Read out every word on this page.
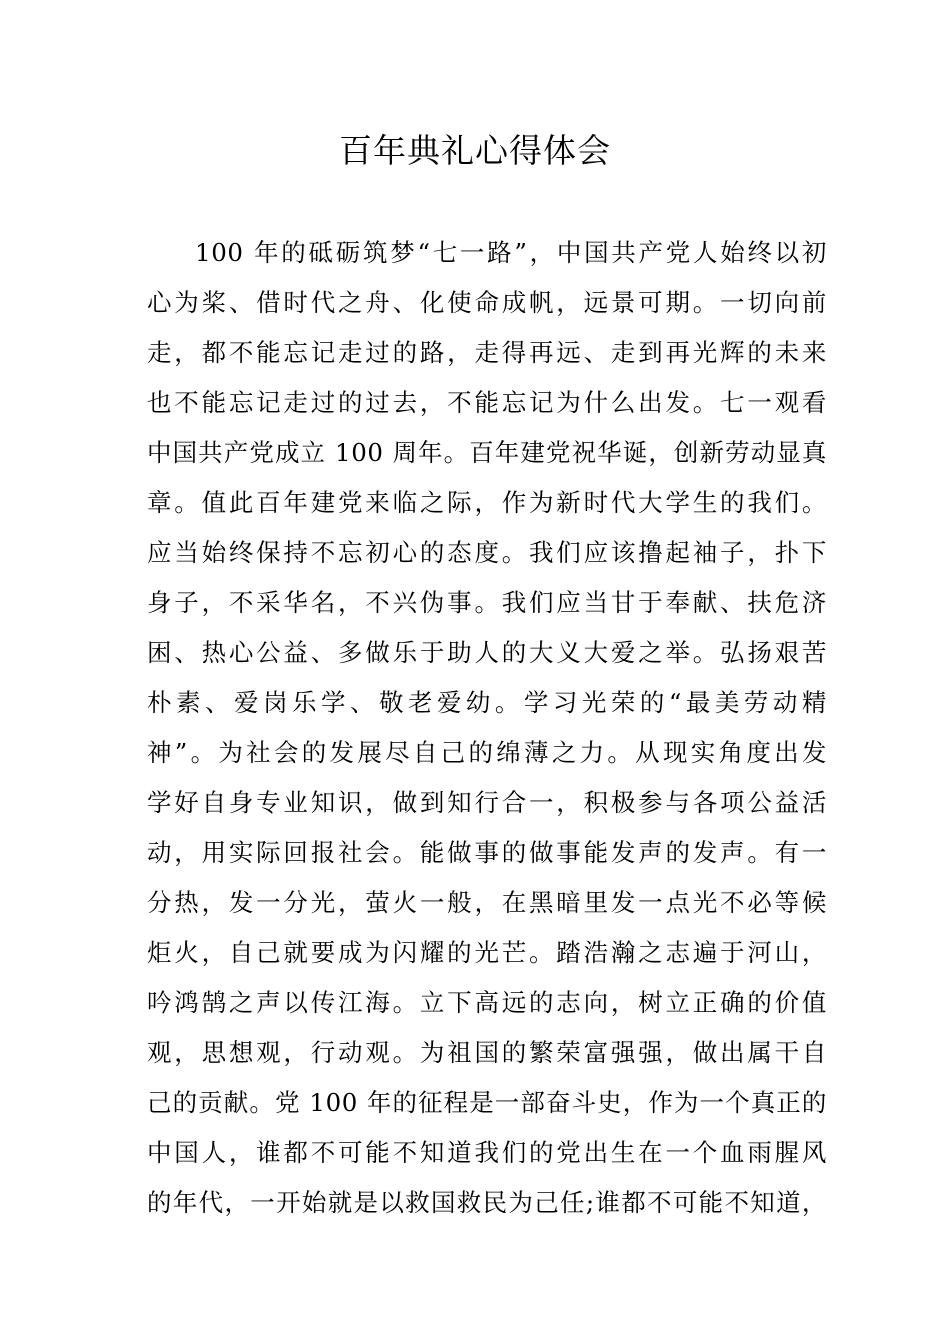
百年典礼心得体会
100 年的砥砺筑梦“七一路”，中国共产党人始终以初
心为桨、借时代之舟、化使命成帆，远景可期。一切向前
走，都不能忘记走过的路，走得再远、走到再光辉的未来
也不能忘记走过的过去，不能忘记为什么出发。七一观看
中国共产党成立 100 周年。百年建党祝华诞，创新劳动显真
章。值此百年建党来临之际，作为新时代大学生的我们。
应当始终保持不忘初心的态度。我们应该撸起袖子，扑下
身子，不采华名，不兴伪事。我们应当甘于奉献、扶危济
困、热心公益、多做乐于助人的大义大爱之举。弘扬艰苦
朴素、爱岗乐学、敬老爱幼。学习光荣的“最美劳动精
神”。为社会的发展尽自己的绵薄之力。从现实角度出发
学好自身专业知识，做到知行合一，积极参与各项公益活
动，用实际回报社会。能做事的做事能发声的发声。有一
分热，发一分光，萤火一般，在黑暗里发一点光不必等候
炬火，自己就要成为闪耀的光芒。踏浩瀚之志遍于河山，
吟鸿鹄之声以传江海。立下高远的志向，树立正确的价值
观，思想观，行动观。为祖国的繁荣富强强，做出属干自
己的贡献。党 100 年的征程是一部奋斗史，作为一个真正的
中国人，谁都不可能不知道我们的党出生在一个血雨腥风
的年代，一开始就是以救国救民为己任;谁都不可能不知道，
